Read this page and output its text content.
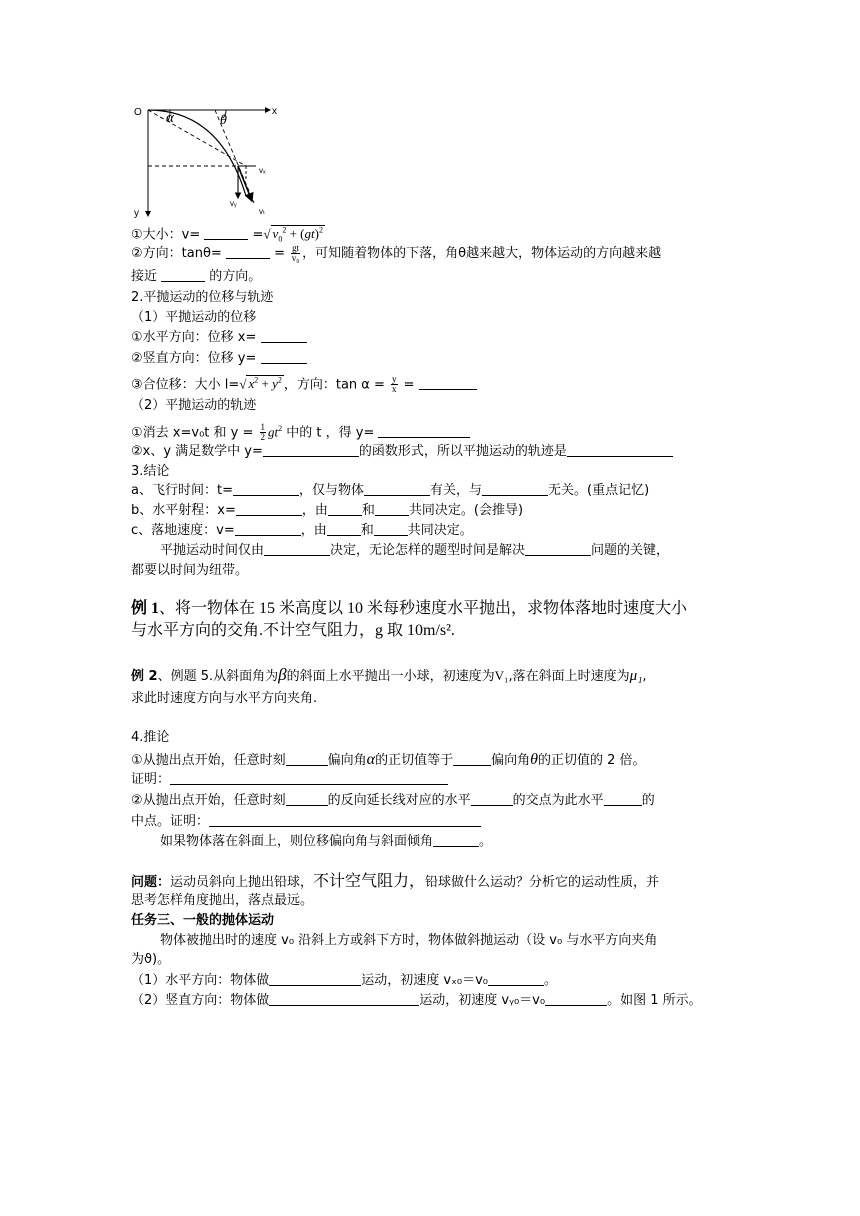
O	x
y
α	θ
vₓ
vᵧ
vₜ
①大小：v=	=√ $v_0^2 + (gt)^2$
②方向：tanθ=	= $\frac{gt}{\text{v₀}}$ ，可知随着物体的下落，角θ越来越大，物体运动的方向越来越
接近	的方向。
2.平抛运动的位移与轨迹
（1）平抛运动的位移
①水平方向：位移 x=
②竖直方向：位移 y=
③合位移：大小 l=√ $x^2 + y^2$ ，方向：$\tan \alpha = \frac{y}{x}$ =
（2）平抛运动的轨迹
①消去 x=v₀t 和 $y = \frac{1}{2} gt^2$ 中的 t ，得 y=
②x、y 满足数学中 y=	的函数形式，所以平抛运动的轨迹是
3.结论
a、飞行时间：t=	，仅与物体	有关，与	无关。(重点记忆)
b、水平射程：x=	，由	和	共同决定。(会推导)
c、落地速度：v=	，由	和	共同决定。
平抛运动时间仅由	决定，无论怎样的题型时间是解决	问题的关键，
都要以时间为纽带。
例 1、将一物体在 15 米高度以 10 米每秒速度水平抛出，求物体落地时速度大小
与水平方向的交角.不计空气阻力，g 取 10m/s².
例 2、例题 5.从斜面角为β的斜面上水平抛出一小球，初速度为V₁,落在斜面上时速度为μ₁,
求此时速度方向与水平方向夹角.
4.推论
①从抛出点开始，任意时刻	偏向角α的正切值等于	偏向角θ的正切值的 2 倍。
证明：
②从抛出点开始，任意时刻	的反向延长线对应的水平	的交点为此水平	的
中点。证明：
如果物体落在斜面上，则位移偏向角与斜面倾角	。
问题：运动员斜向上抛出铅球，不计空气阻力，铅球做什么运动？分析它的运动性质，并
思考怎样角度抛出，落点最远。
任务三、一般的抛体运动
物体被抛出时的速度 v₀ 沿斜上方或斜下方时，物体做斜抛运动（设 v₀ 与水平方向夹角
为ϑ)。
（1）水平方向：物体做	运动，初速度 vₓ₀＝v₀	。
（2）竖直方向：物体做	运动，初速度 vᵧ₀＝v₀	。如图 1 所示。
